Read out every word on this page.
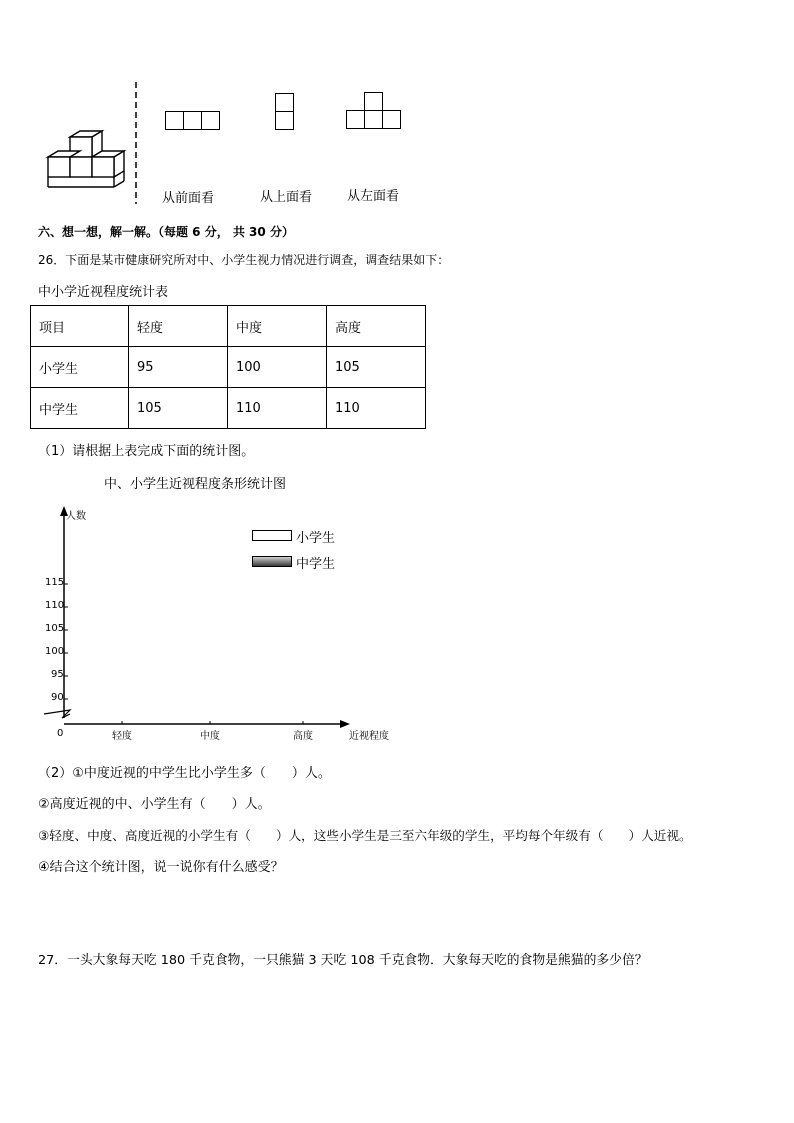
从前面看	从上面看	从左面看
六、想一想，解一解。（每题 6 分， 共 30 分）
26．下面是某市健康研究所对中、小学生视力情况进行调查，调查结果如下：
中小学近视程度统计表
项目	轻度	中度	高度
小学生	95	100	105
中学生	105	110	110
（1）请根据上表完成下面的统计图。
中、小学生近视程度条形统计图
人数
近视程度
0
115
110
105
100
95
90
轻度	中度	高度
小学生
中学生
（2）①中度近视的中学生比小学生多（　　）人。
②高度近视的中、小学生有（　　）人。
③轻度、中度、高度近视的小学生有（　　）人，这些小学生是三至六年级的学生，平均每个年级有（　　）人近视。
④结合这个统计图，说一说你有什么感受？
27．一头大象每天吃 180 千克食物，一只熊猫 3 天吃 108 千克食物．大象每天吃的食物是熊猫的多少倍？
